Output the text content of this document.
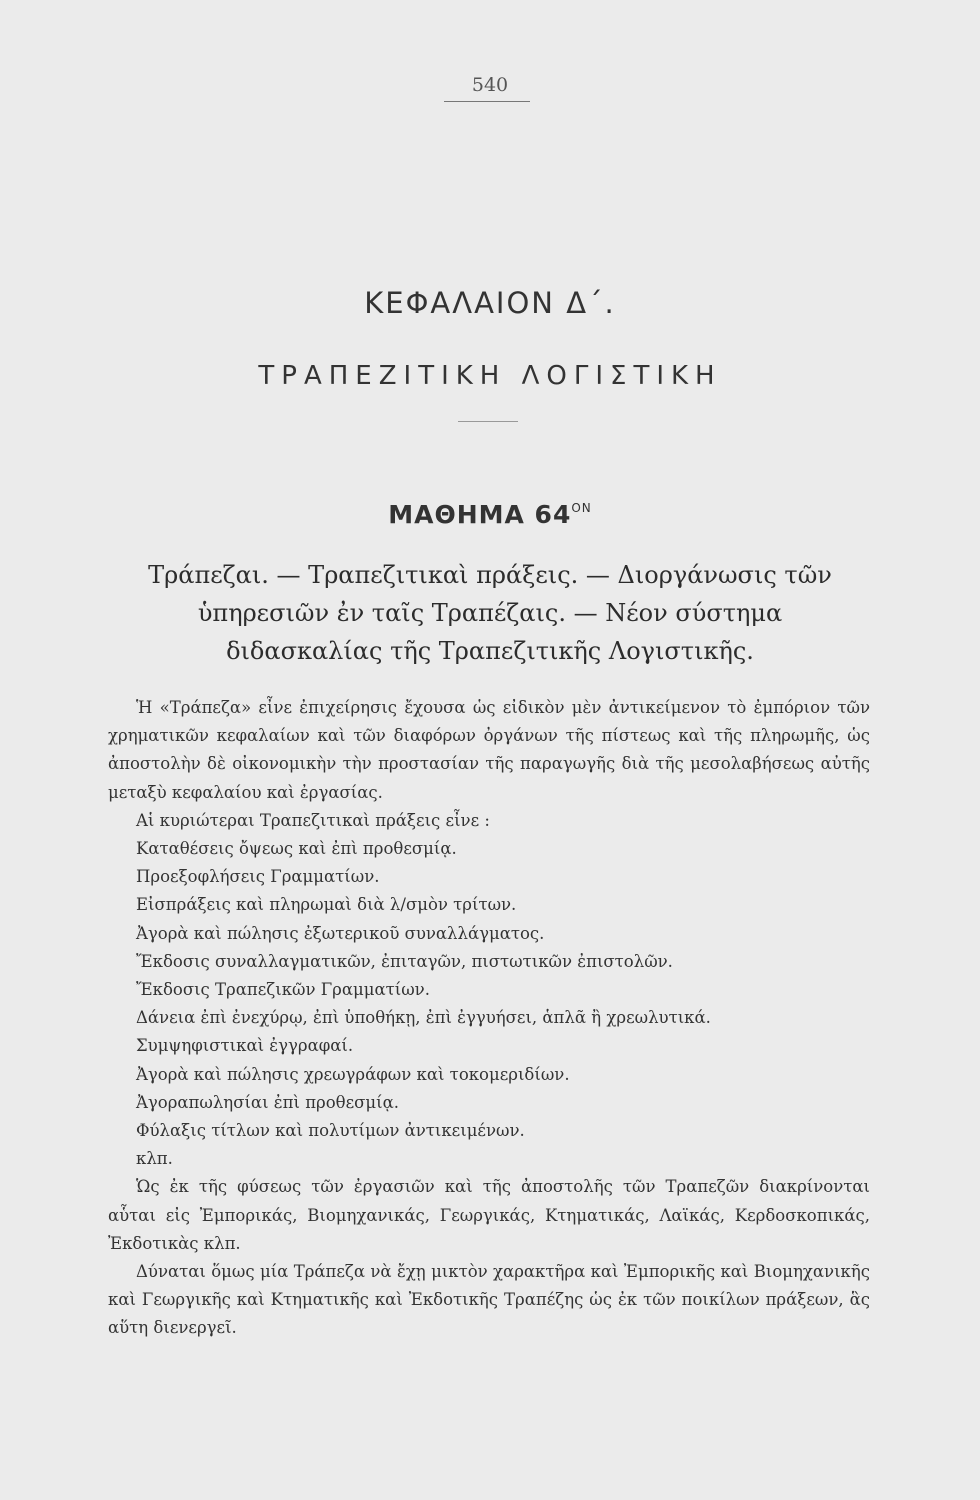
540
ΚΕΦΑΛΑΙΟΝ Δ΄.
ΤΡΑΠΕΖΙΤΙΚΗ ΛΟΓΙΣΤΙΚΗ
ΜΑΘΗΜΑ $64^{ON}$
Τράπεζαι. — Τραπεζιτικαὶ πράξεις. — Διοργάνωσις τῶν ὑπηρεσιῶν ἐν ταῖς Τραπέζαις. — Νέον σύστημα διδασκαλίας τῆς Τραπεζιτικῆς Λογιστικῆς.

Ἡ «Τράπεζα» εἶνε ἐπιχείρησις ἔχουσα ὡς εἰδικὸν μὲν ἀντικείμενον τὸ ἐμπόριον τῶν χρηματικῶν κεφαλαίων καὶ τῶν διαφόρων ὀργάνων τῆς πίστεως καὶ τῆς πληρωμῆς, ὡς ἀποστολὴν δὲ οἰκονομικὴν τὴν προστασίαν τῆς παραγωγῆς διὰ τῆς μεσολαβήσεως αὐτῆς μεταξὺ κεφαλαίου καὶ ἐργασίας.

Αἱ κυριώτεραι Τραπεζιτικαὶ πράξεις εἶνε :

Καταθέσεις ὄψεως καὶ ἐπὶ προθεσμίᾳ.

Προεξοφλήσεις Γραμματίων.

Εἰσπράξεις καὶ πληρωμαὶ διὰ λ/σμὸν τρίτων.

Ἀγορὰ καὶ πώλησις ἐξωτερικοῦ συναλλάγματος.

Ἔκδοσις συναλλαγματικῶν, ἐπιταγῶν, πιστωτικῶν ἐπιστολῶν.

Ἔκδοσις Τραπεζικῶν Γραμματίων.

Δάνεια ἐπὶ ἐνεχύρῳ, ἐπὶ ὑποθήκῃ, ἐπὶ ἐγγυήσει, ἁπλᾶ ἢ χρεωλυτικά.

Συμψηφιστικαὶ ἐγγραφαί.

Ἀγορὰ καὶ πώλησις χρεωγράφων καὶ τοκομεριδίων.

Ἀγοραπωλησίαι ἐπὶ προθεσμίᾳ.

Φύλαξις τίτλων καὶ πολυτίμων ἀντικειμένων.

κλπ.

Ὡς ἐκ τῆς φύσεως τῶν ἐργασιῶν καὶ τῆς ἀποστολῆς τῶν Τραπεζῶν διακρίνονται αὗται εἰς Ἐμπορικάς, Βιομηχανικάς, Γεωργικάς, Κτηματικάς, Λαϊκάς, Κερδοσκοπικάς, Ἐκδοτικὰς κλπ.

Δύναται ὅμως μία Τράπεζα νὰ ἔχῃ μικτὸν χαρακτῆρα καὶ Ἐμπορικῆς καὶ Βιομηχανικῆς καὶ Γεωργικῆς καὶ Κτηματικῆς καὶ Ἐκδοτικῆς Τραπέζης ὡς ἐκ τῶν ποικίλων πράξεων, ἃς αὕτη διενεργεῖ.
